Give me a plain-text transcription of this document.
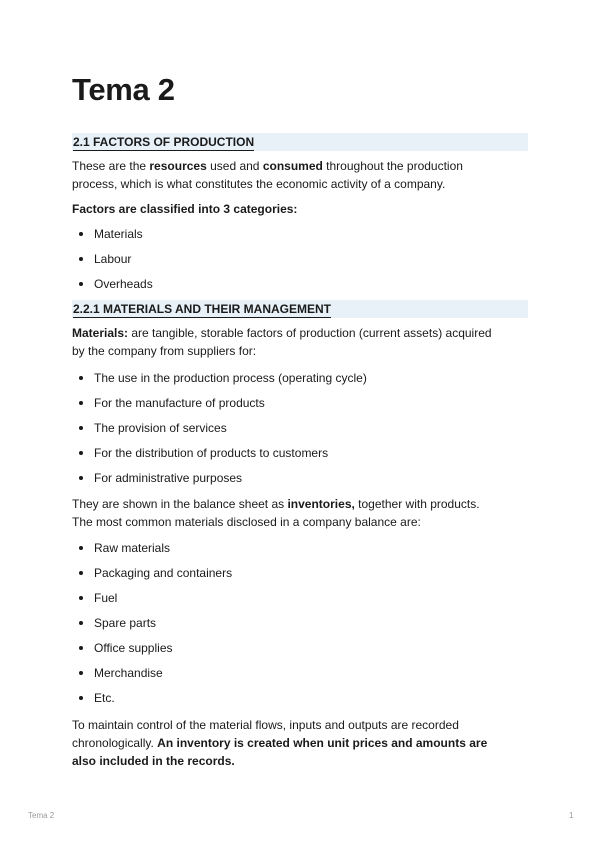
Tema 2
2.1 FACTORS OF PRODUCTION

These are the resources used and consumed throughout the production

process, which is what constitutes the economic activity of a company.

Factors are classified into 3 categories:

Materials
Labour
Overheads
2.2.1 MATERIALS AND THEIR MANAGEMENT

Materials: are tangible, storable factors of production (current assets) acquired

by the company from suppliers for:

The use in the production process (operating cycle)
For the manufacture of products
The provision of services
For the distribution of products to customers
For administrative purposes

They are shown in the balance sheet as inventories, together with products.

The most common materials disclosed in a company balance are:

Raw materials
Packaging and containers
Fuel
Spare parts
Office supplies
Merchandise
Etc.

To maintain control of the material flows, inputs and outputs are recorded

chronologically. An inventory is created when unit prices and amounts are

also included in the records.

Tema 2	1
